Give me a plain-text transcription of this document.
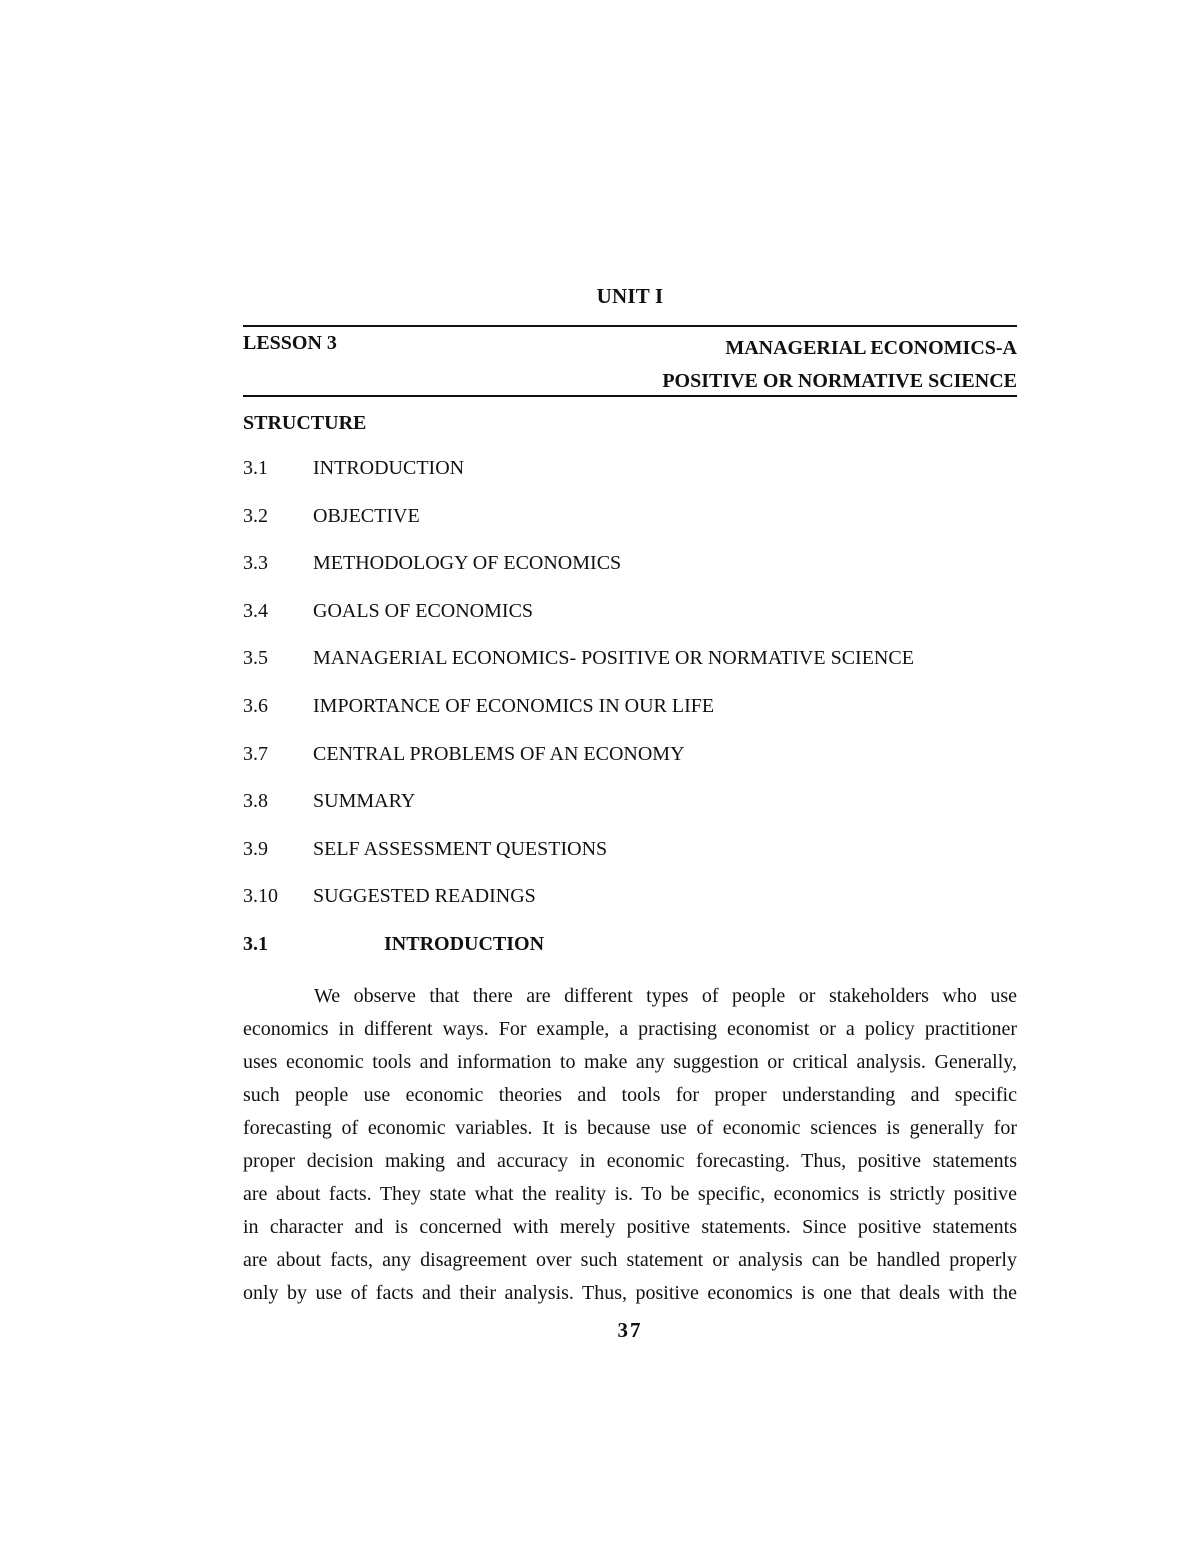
UNIT I
LESSON 3	MANAGERIAL ECONOMICS-A
POSITIVE OR NORMATIVE SCIENCE
STRUCTURE
3.1 INTRODUCTION
3.2 OBJECTIVE
3.3 METHODOLOGY OF ECONOMICS
3.4 GOALS OF ECONOMICS
3.5 MANAGERIAL ECONOMICS- POSITIVE OR NORMATIVE SCIENCE
3.6 IMPORTANCE OF ECONOMICS IN OUR LIFE
3.7 CENTRAL PROBLEMS OF AN ECONOMY
3.8 SUMMARY
3.9 SELF ASSESSMENT QUESTIONS
3.10 SUGGESTED READINGS
3.1	INTRODUCTION
We observe that there are different types of people or stakeholders who use
economics in different ways. For example, a practising economist or a policy practitioner
uses economic tools and information to make any suggestion or critical analysis. Generally,
such people use economic theories and tools for proper understanding and specific
forecasting of economic variables. It is because use of economic sciences is generally for
proper decision making and accuracy in economic forecasting. Thus, positive statements
are about facts. They state what the reality is. To be specific, economics is strictly positive
in character and is concerned with merely positive statements. Since positive statements
are about facts, any disagreement over such statement or analysis can be handled properly
only by use of facts and their analysis. Thus, positive economics is one that deals with the
37
